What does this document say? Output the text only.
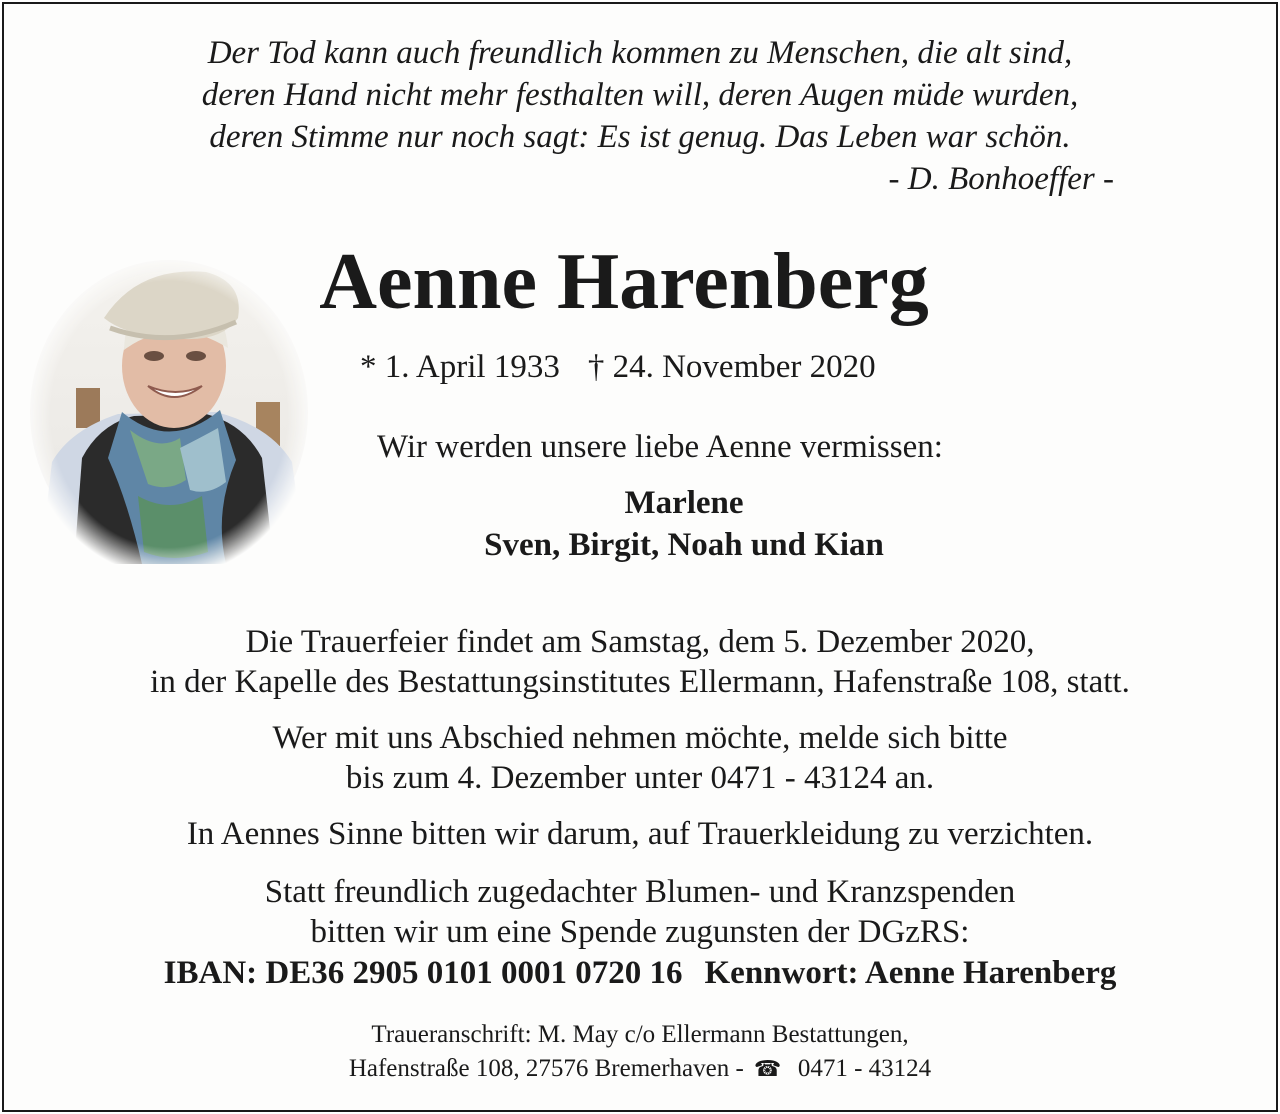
Der Tod kann auch freundlich kommen zu Menschen, die alt sind,
deren Hand nicht mehr festhalten will, deren Augen müde wurden,
deren Stimme nur noch sagt: Es ist genug. Das Leben war schön.
- D. Bonhoeffer -
Aenne Harenberg
* 1. April 1933 † 24. November 2020
Wir werden unsere liebe Aenne vermissen:
Marlene
Sven, Birgit, Noah und Kian
Die Trauerfeier findet am Samstag, dem 5. Dezember 2020,
in der Kapelle des Bestattungsinstitutes Ellermann, Hafenstraße 108, statt.
Wer mit uns Abschied nehmen möchte, melde sich bitte
bis zum 4. Dezember unter 0471 - 43124 an.
In Aennes Sinne bitten wir darum, auf Trauerkleidung zu verzichten.
Statt freundlich zugedachter Blumen- und Kranzspenden
bitten wir um eine Spende zugunsten der DGzRS:
IBAN: DE36 2905 0101 0001 0720 16 Kennwort: Aenne Harenberg
Traueranschrift: M. May c/o Ellermann Bestattungen,
Hafenstraße 108, 27576 Bremerhaven - ☎ 0471 - 43124
